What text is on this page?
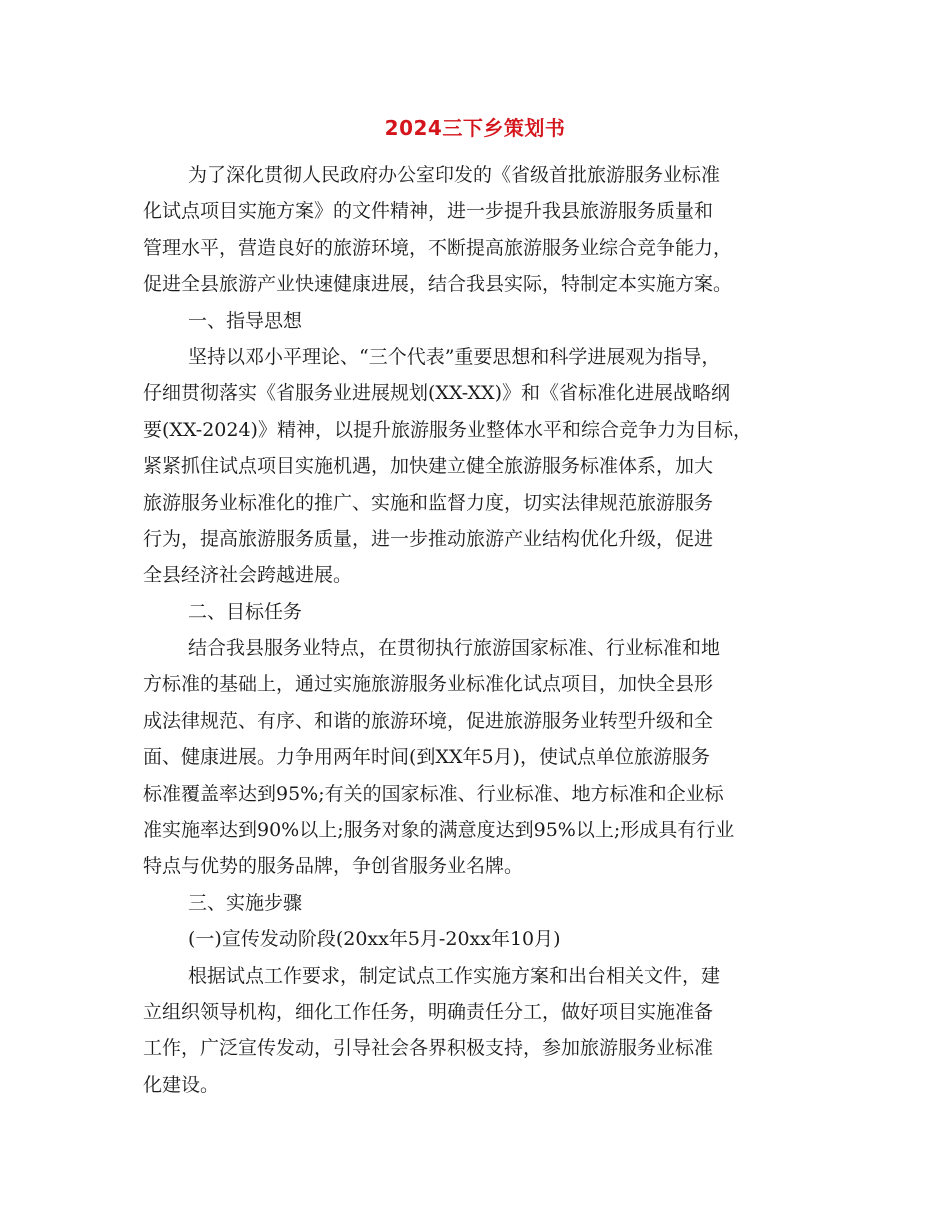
2024三下乡策划书
为了深化贯彻人民政府办公室印发的《省级首批旅游服务业标准
化试点项目实施方案》的文件精神，进一步提升我县旅游服务质量和
管理水平，营造良好的旅游环境，不断提高旅游服务业综合竞争能力，
促进全县旅游产业快速健康进展，结合我县实际，特制定本实施方案。
一、指导思想
坚持以邓小平理论、“三个代表”重要思想和科学进展观为指导，
仔细贯彻落实《省服务业进展规划(XX-XX)》和《省标准化进展战略纲
要(XX-2024)》精神，以提升旅游服务业整体水平和综合竞争力为目标，
紧紧抓住试点项目实施机遇，加快建立健全旅游服务标准体系，加大
旅游服务业标准化的推广、实施和监督力度，切实法律规范旅游服务
行为，提高旅游服务质量，进一步推动旅游产业结构优化升级，促进
全县经济社会跨越进展。
二、目标任务
结合我县服务业特点，在贯彻执行旅游国家标准、行业标准和地
方标准的基础上，通过实施旅游服务业标准化试点项目，加快全县形
成法律规范、有序、和谐的旅游环境，促进旅游服务业转型升级和全
面、健康进展。力争用两年时间(到XX年5月)，使试点单位旅游服务
标准覆盖率达到95%;有关的国家标准、行业标准、地方标准和企业标
准实施率达到90%以上;服务对象的满意度达到95%以上;形成具有行业
特点与优势的服务品牌，争创省服务业名牌。
三、实施步骤
(一)宣传发动阶段(20xx年5月-20xx年10月)
根据试点工作要求，制定试点工作实施方案和出台相关文件，建
立组织领导机构，细化工作任务，明确责任分工，做好项目实施准备
工作，广泛宣传发动，引导社会各界积极支持，参加旅游服务业标准
化建设。
